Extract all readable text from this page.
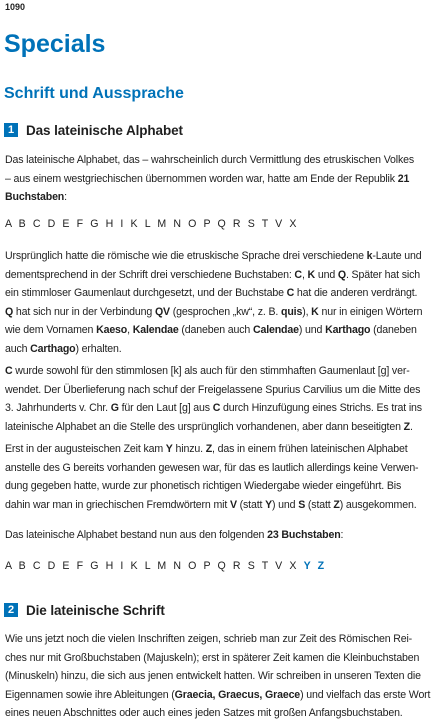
1090
Specials
Schrift und Aussprache
1 Das lateinische Alphabet

Das lateinische Alphabet, das – wahrscheinlich durch Vermittlung des etruskischen Volkes
– aus einem westgriechischen übernommen worden war, hatte am Ende der Republik 21
Buchstaben:

A B C D E F G H I K L M N O P Q R S T V X

Ursprünglich hatte die römische wie die etruskische Sprache drei verschiedene k-Laute und
dementsprechend in der Schrift drei verschiedene Buchstaben: C, K und Q. Später hat sich
ein stimmloser Gaumenlaut durchgesetzt, und der Buchstabe C hat die anderen verdrängt.
Q hat sich nur in der Verbindung QV (gesprochen „kw“, z. B. quis), K nur in einigen Wörtern
wie dem Vornamen Kaeso, Kalendae (daneben auch Calendae) und Karthago (daneben
auch Carthago) erhalten.

C wurde sowohl für den stimmlosen [k] als auch für den stimmhaften Gaumenlaut [g] ver-
wendet. Der Überlieferung nach schuf der Freigelassene Spurius Carvilius um die Mitte des
3. Jahrhunderts v. Chr. G für den Laut [g] aus C durch Hinzufügung eines Strichs. Es trat ins
lateinische Alphabet an die Stelle des ursprünglich vorhandenen, aber dann beseitigten Z.

Erst in der augusteischen Zeit kam Y hinzu. Z, das in einem frühen lateinischen Alphabet
anstelle des G bereits vorhanden gewesen war, für das es lautlich allerdings keine Verwen-
dung gegeben hatte, wurde zur phonetisch richtigen Wiedergabe wieder eingeführt. Bis
dahin war man in griechischen Fremdwörtern mit V (statt Y) und S (statt Z) ausgekommen.

Das lateinische Alphabet bestand nun aus den folgenden 23 Buchstaben:

A B C D E F G H I K L M N O P Q R S T V X Y Z

2 Die lateinische Schrift

Wie uns jetzt noch die vielen Inschriften zeigen, schrieb man zur Zeit des Römischen Rei-
ches nur mit Großbuchstaben (Majuskeln); erst in späterer Zeit kamen die Kleinbuchstaben
(Minuskeln) hinzu, die sich aus jenen entwickelt hatten. Wir schreiben in unseren Texten die
Eigennamen sowie ihre Ableitungen (Graecia, Graecus, Graece) und vielfach das erste Wort
eines neuen Abschnittes oder auch eines jeden Satzes mit großen Anfangsbuchstaben.
